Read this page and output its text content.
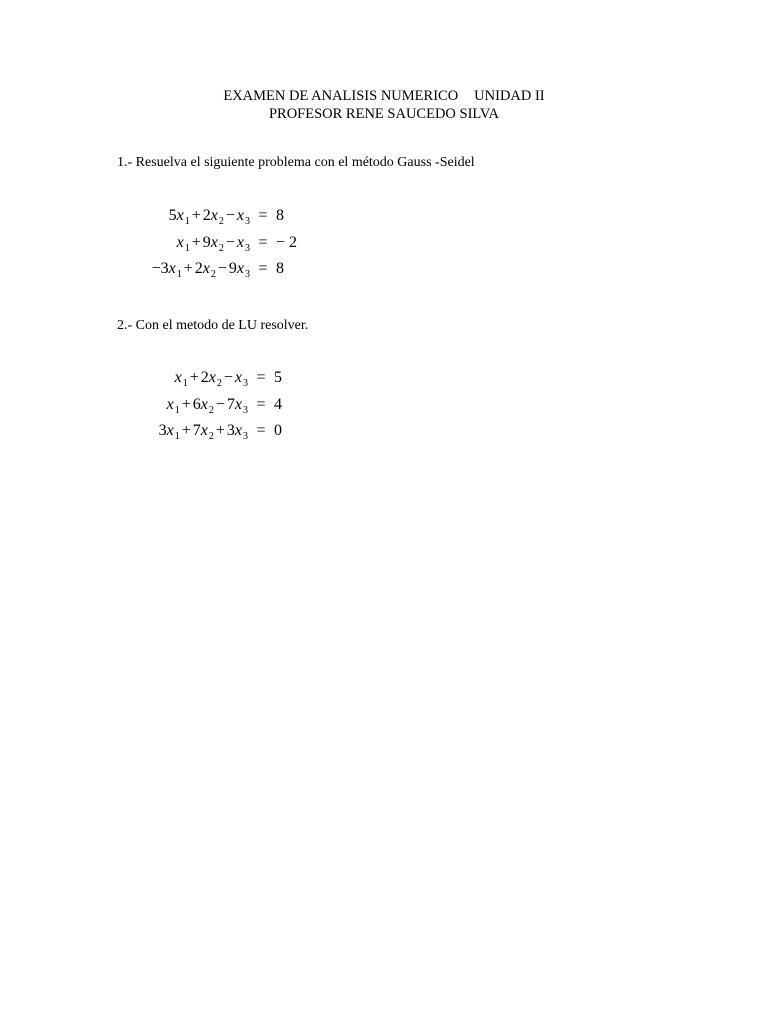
EXAMEN DE ANALISIS NUMERICO UNIDAD II
PROFESOR RENE SAUCEDO SILVA
1.- Resuelva el siguiente problema con el método Gauss -Seidel
$5x_1 + 2x_2 - x_3 = 8$
$x_1 + 9x_2 - x_3$ = − 2
$-3x_1 + 2x_2 - 9x_3 = 8$
2.- Con el metodo de LU resolver.
$x_1 + 2x_2 - x_3 = 5$
$x_1 + 6x_2 - 7x_3 = 4$
$3x_1 + 7x_2 + 3x_3 = 0$
